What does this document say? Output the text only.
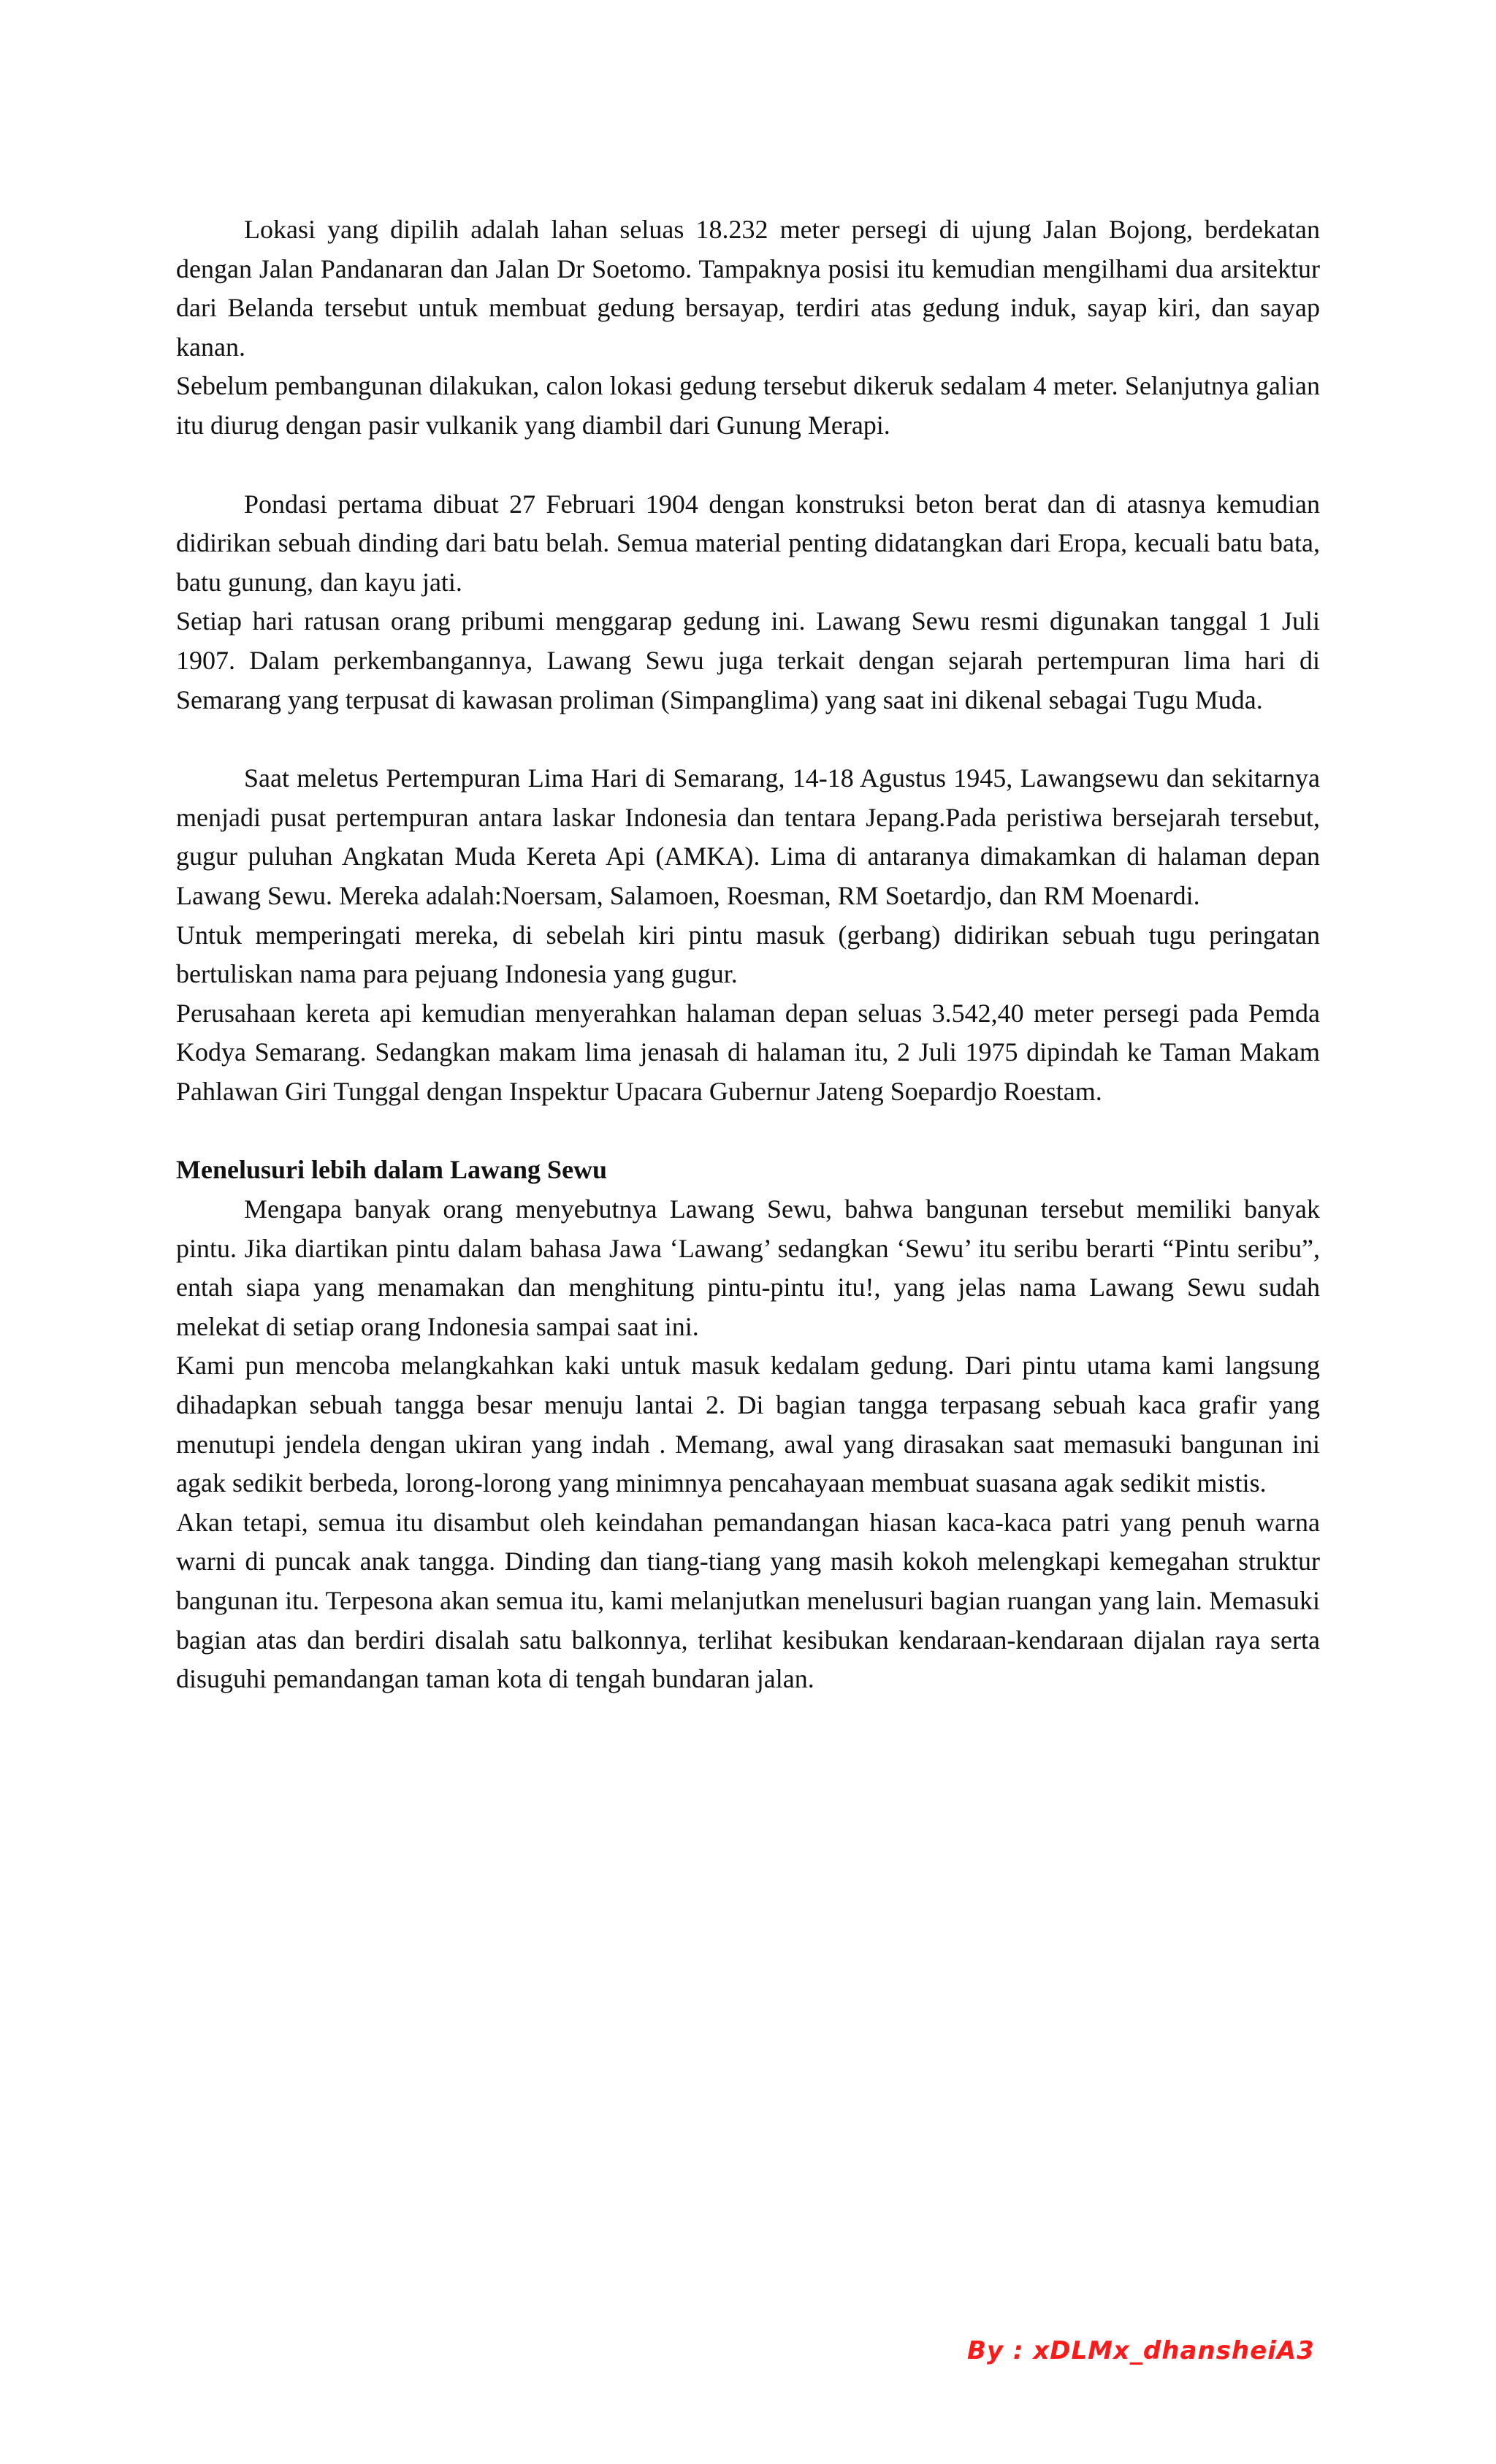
Lokasi yang dipilih adalah lahan seluas 18.232 meter persegi di ujung Jalan Bojong, berdekatan dengan Jalan Pandanaran dan Jalan Dr Soetomo. Tampaknya posisi itu kemudian mengilhami dua arsitektur dari Belanda tersebut untuk membuat gedung bersayap, terdiri atas gedung induk, sayap kiri, dan sayap kanan.

Sebelum pembangunan dilakukan, calon lokasi gedung tersebut dikeruk sedalam 4 meter. Selanjutnya galian itu diurug dengan pasir vulkanik yang diambil dari Gunung Merapi.

Pondasi pertama dibuat 27 Februari 1904 dengan konstruksi beton berat dan di atasnya kemudian didirikan sebuah dinding dari batu belah. Semua material penting didatangkan dari Eropa, kecuali batu bata, batu gunung, dan kayu jati.

Setiap hari ratusan orang pribumi menggarap gedung ini. Lawang Sewu resmi digunakan tanggal 1 Juli 1907. Dalam perkembangannya, Lawang Sewu juga terkait dengan sejarah pertempuran lima hari di Semarang yang terpusat di kawasan proliman (Simpanglima) yang saat ini dikenal sebagai Tugu Muda.

Saat meletus Pertempuran Lima Hari di Semarang, 14-18 Agustus 1945, Lawangsewu dan sekitarnya menjadi pusat pertempuran antara laskar Indonesia dan tentara Jepang.Pada peristiwa bersejarah tersebut, gugur puluhan Angkatan Muda Kereta Api (AMKA). Lima di antaranya dimakamkan di halaman depan Lawang Sewu. Mereka adalah:Noersam, Salamoen, Roesman, RM Soetardjo, dan RM Moenardi.

Untuk memperingati mereka, di sebelah kiri pintu masuk (gerbang) didirikan sebuah tugu peringatan bertuliskan nama para pejuang Indonesia yang gugur.

Perusahaan kereta api kemudian menyerahkan halaman depan seluas 3.542,40 meter persegi pada Pemda Kodya Semarang. Sedangkan makam lima jenasah di halaman itu, 2 Juli 1975 dipindah ke Taman Makam Pahlawan Giri Tunggal dengan Inspektur Upacara Gubernur Jateng Soepardjo Roestam.

Menelusuri lebih dalam Lawang Sewu

Mengapa banyak orang menyebutnya Lawang Sewu, bahwa bangunan tersebut memiliki banyak pintu. Jika diartikan pintu dalam bahasa Jawa ‘Lawang’ sedangkan ‘Sewu’ itu seribu berarti “Pintu seribu”, entah siapa yang menamakan dan menghitung pintu-pintu itu!, yang jelas nama Lawang Sewu sudah melekat di setiap orang Indonesia sampai saat ini.

Kami pun mencoba melangkahkan kaki untuk masuk kedalam gedung. Dari pintu utama kami langsung dihadapkan sebuah tangga besar menuju lantai 2. Di bagian tangga terpasang sebuah kaca grafir yang menutupi jendela dengan ukiran yang indah . Memang, awal yang dirasakan saat memasuki bangunan ini agak sedikit berbeda, lorong-lorong yang minimnya pencahayaan membuat suasana agak sedikit mistis.

Akan tetapi, semua itu disambut oleh keindahan pemandangan hiasan kaca-kaca patri yang penuh warna warni di puncak anak tangga. Dinding dan tiang-tiang yang masih kokoh melengkapi kemegahan struktur bangunan itu. Terpesona akan semua itu, kami melanjutkan menelusuri bagian ruangan yang lain. Memasuki bagian atas dan berdiri disalah satu balkonnya, terlihat kesibukan kendaraan-kendaraan dijalan raya serta disuguhi pemandangan taman kota di tengah bundaran jalan.

By : xDLMx_dhansheiA3
